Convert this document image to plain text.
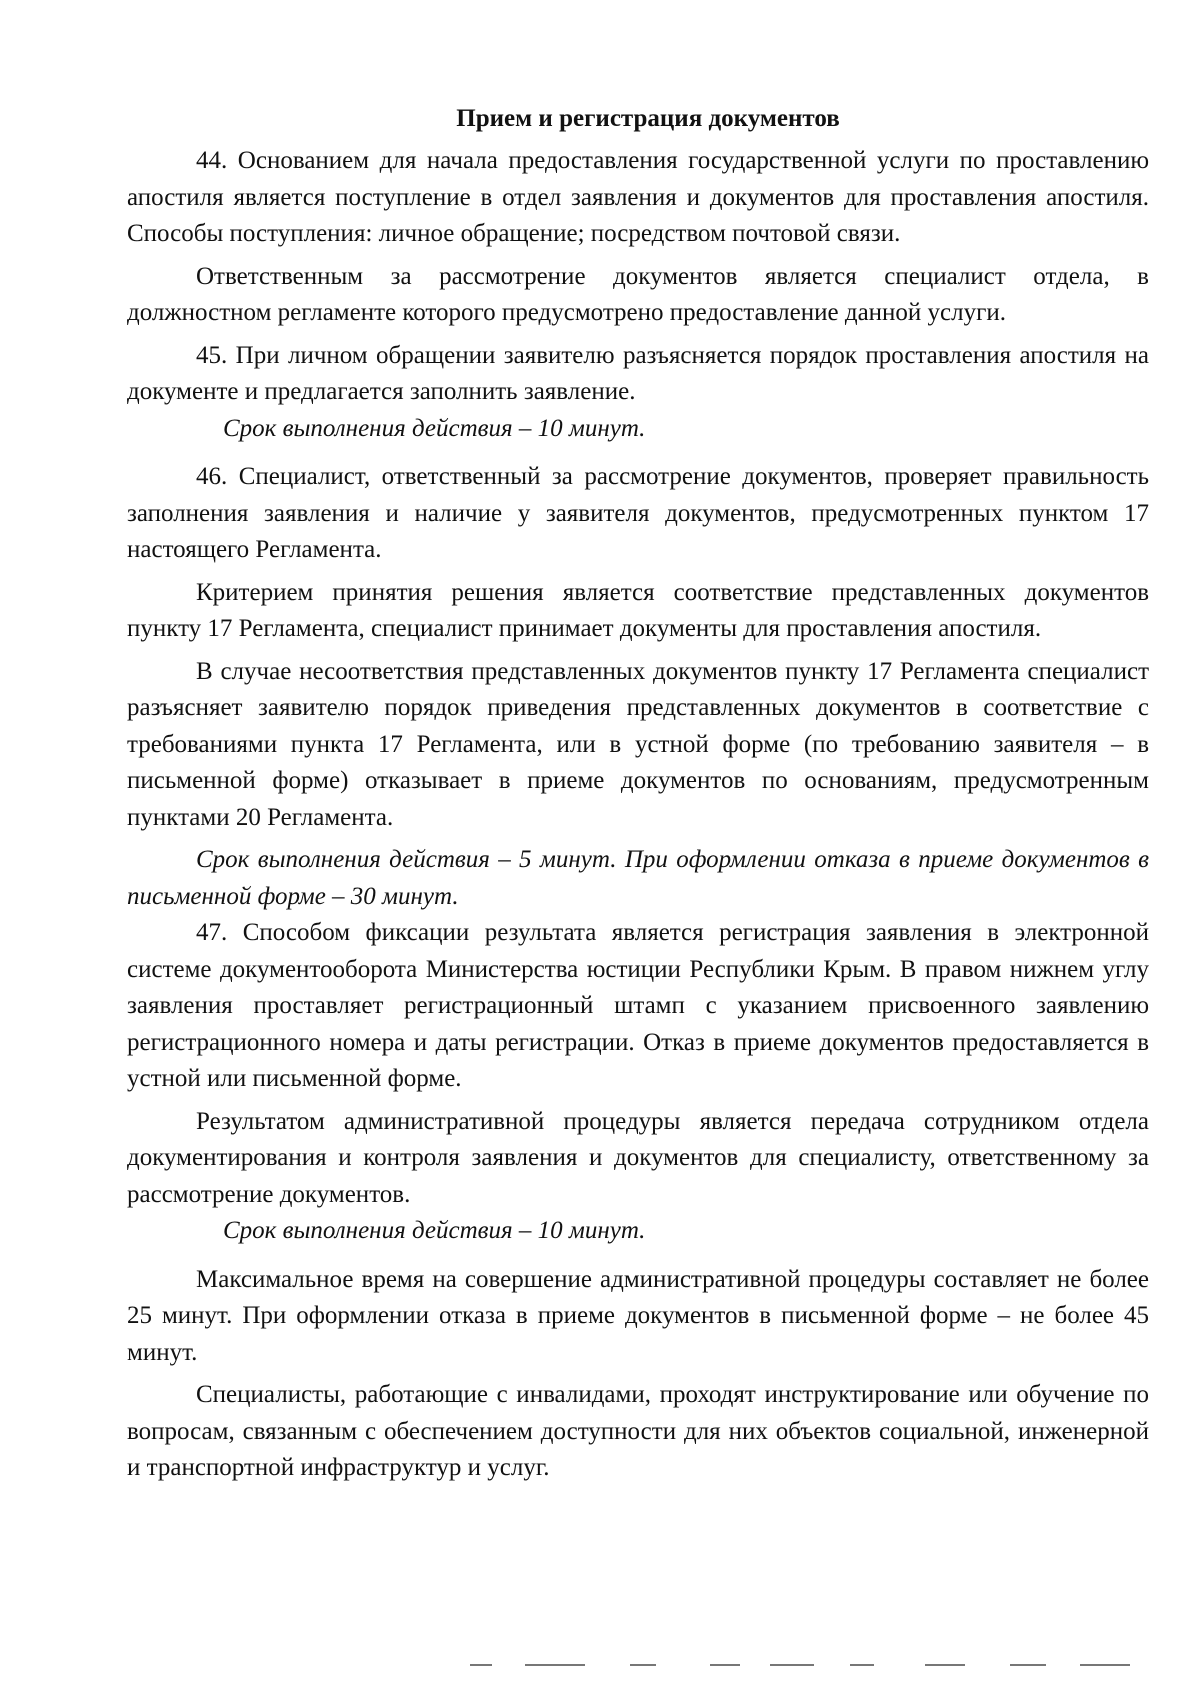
Прием и регистрация документов

44. Основанием для начала предоставления государственной услуги по проставлению апостиля является поступление в отдел заявления и документов для проставления апостиля. Способы поступления: личное обращение; посредством почтовой связи.

Ответственным за рассмотрение документов является специалист отдела, в должностном регламенте которого предусмотрено предоставление данной услуги.

45. При личном обращении заявителю разъясняется порядок проставления апостиля на документе и предлагается заполнить заявление.

Срок выполнения действия – 10 минут.

46. Специалист, ответственный за рассмотрение документов, проверяет правильность заполнения заявления и наличие у заявителя документов, предусмотренных пунктом 17 настоящего Регламента.

Критерием принятия решения является соответствие представленных документов пункту 17 Регламента, специалист принимает документы для проставления апостиля.

В случае несоответствия представленных документов пункту 17 Регламента специалист разъясняет заявителю порядок приведения представленных документов в соответствие с требованиями пункта 17 Регламента, или в устной форме (по требованию заявителя – в письменной форме) отказывает в приеме документов по основаниям, предусмотренным пунктами 20 Регламента.

Срок выполнения действия – 5 минут. При оформлении отказа в приеме документов в письменной форме – 30 минут.

47. Способом фиксации результата является регистрация заявления в электронной системе документооборота Министерства юстиции Республики Крым. В правом нижнем углу заявления проставляет регистрационный штамп с указанием присвоенного заявлению регистрационного номера и даты регистрации. Отказ в приеме документов предоставляется в устной или письменной форме.

Результатом административной процедуры является передача сотрудником отдела документирования и контроля заявления и документов для специалисту, ответственному за рассмотрение документов.

Срок выполнения действия – 10 минут.

Максимальное время на совершение административной процедуры составляет не более 25 минут. При оформлении отказа в приеме документов в письменной форме – не более 45 минут.

Специалисты, работающие с инвалидами, проходят инструктирование или обучение по вопросам, связанным с обеспечением доступности для них объектов социальной, инженерной и транспортной инфраструктур и услуг.
